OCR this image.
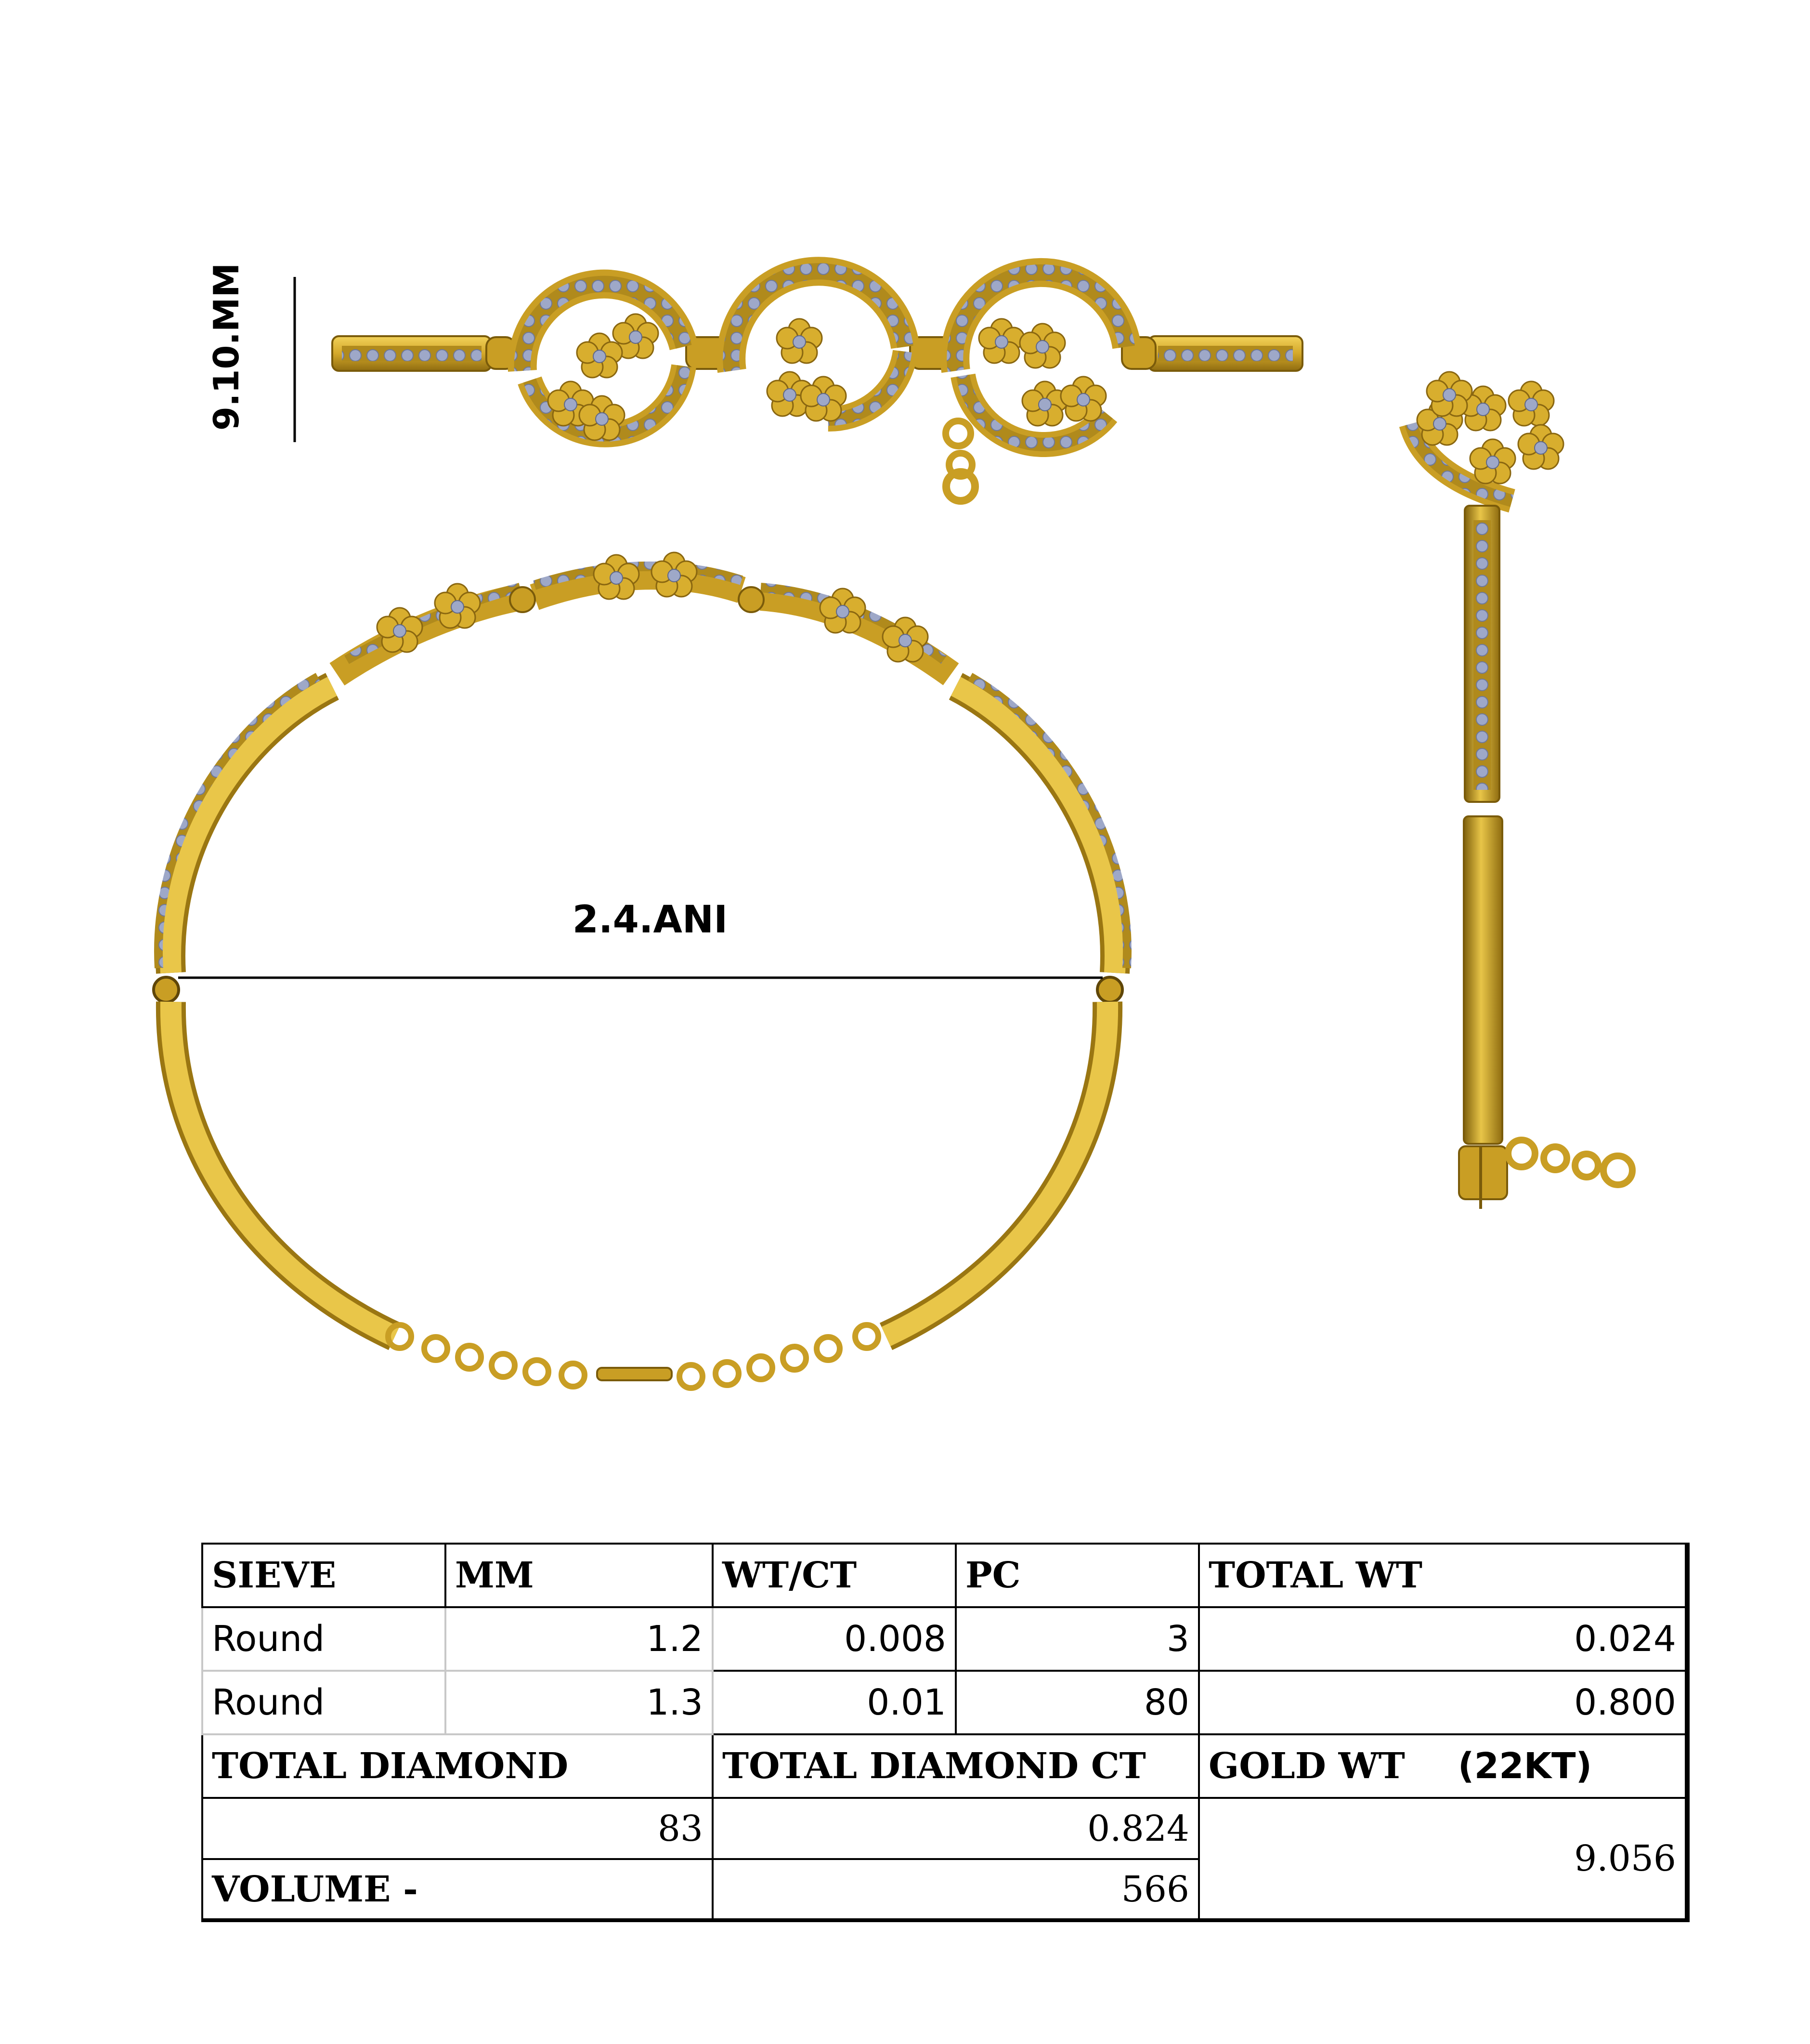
9.10.MM
2.4.ANI
SIEVE	MM	WT/CT	PC	TOTAL WT
Round	1.2	0.008	3	0.024
Round	1.3	0.01	80	0.800
TOTAL DIAMOND		TOTAL DIAMOND CT		GOLD WT (22KT)
83		0.824		9.056
VOLUME -		566		
